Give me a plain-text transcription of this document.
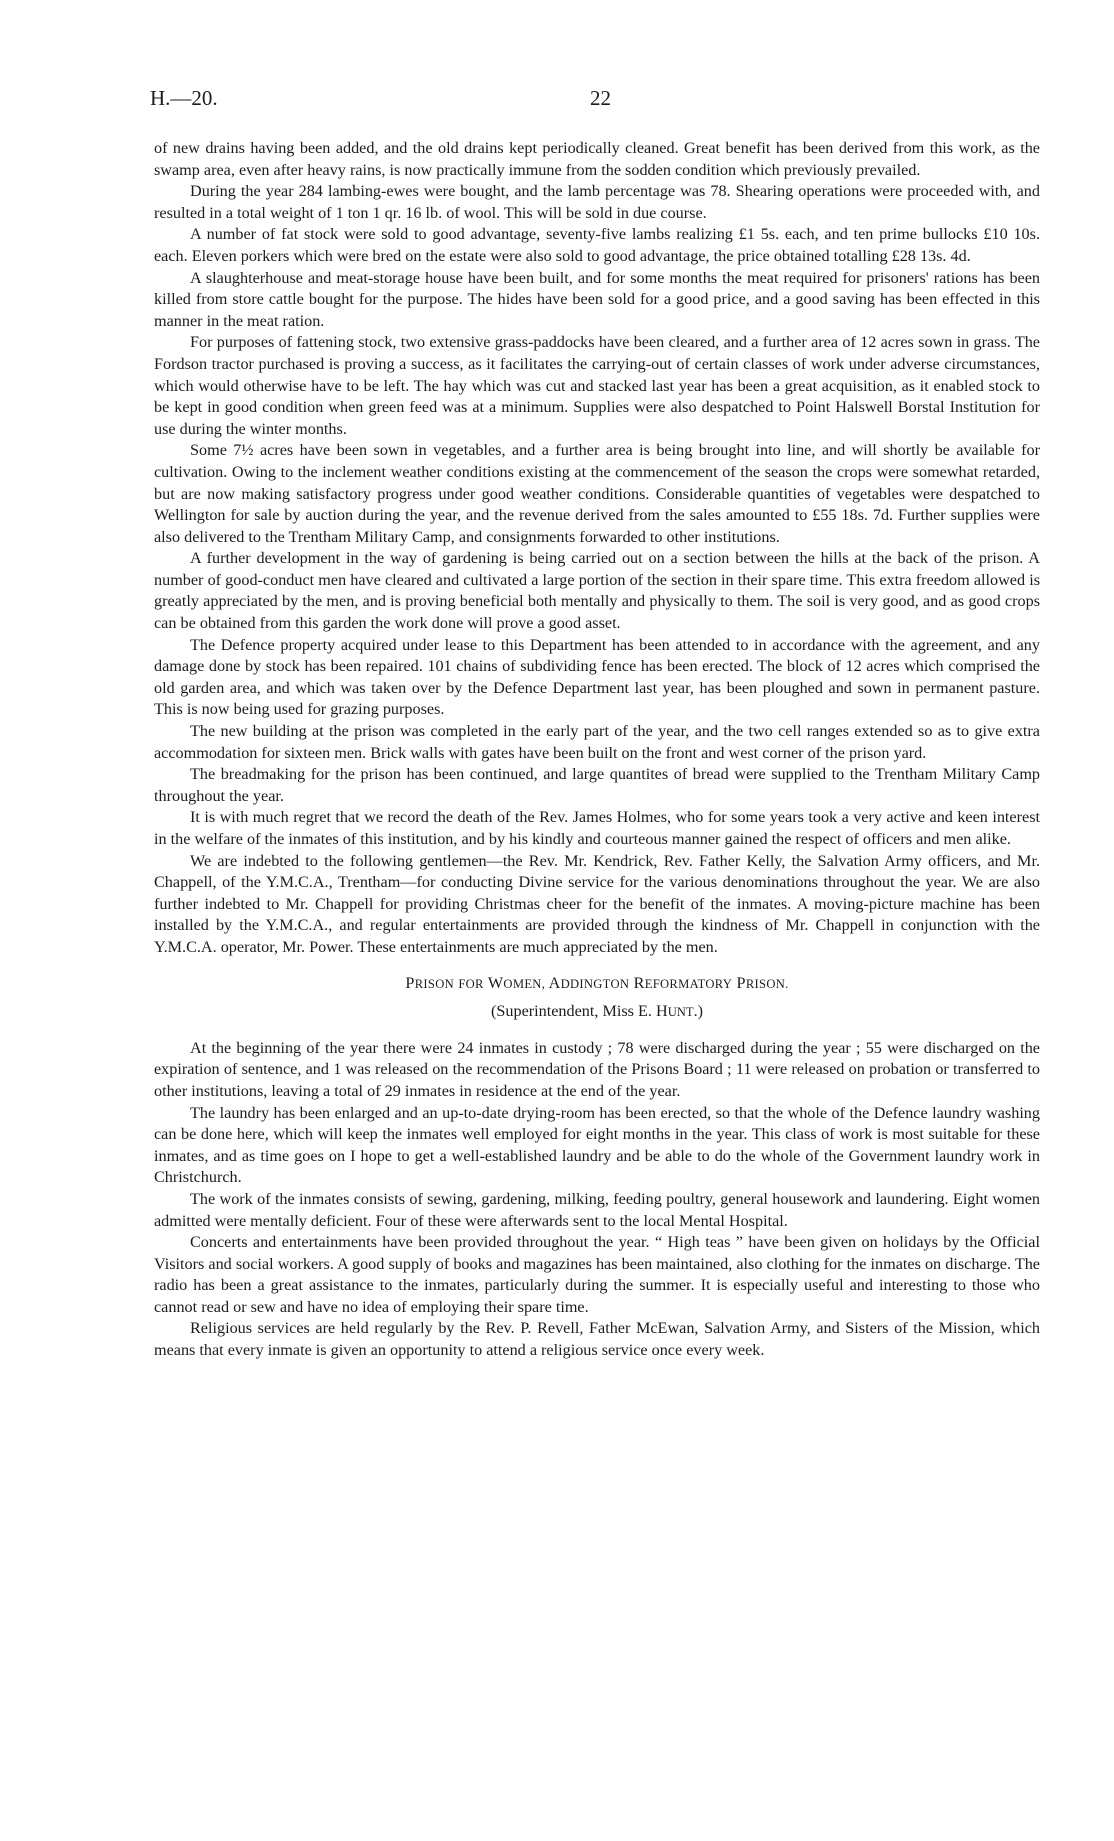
H.—20.	22

of new drains having been added, and the old drains kept periodically cleaned. Great benefit has been derived from this work, as the swamp area, even after heavy rains, is now practically immune from the sodden condition which previously prevailed.

During the year 284 lambing-ewes were bought, and the lamb percentage was 78. Shearing operations were proceeded with, and resulted in a total weight of 1 ton 1 qr. 16 lb. of wool. This will be sold in due course.

A number of fat stock were sold to good advantage, seventy-five lambs realizing £1 5s. each, and ten prime bullocks £10 10s. each. Eleven porkers which were bred on the estate were also sold to good advantage, the price obtained totalling £28 13s. 4d.

A slaughterhouse and meat-storage house have been built, and for some months the meat required for prisoners' rations has been killed from store cattle bought for the purpose. The hides have been sold for a good price, and a good saving has been effected in this manner in the meat ration.

For purposes of fattening stock, two extensive grass-paddocks have been cleared, and a further area of 12 acres sown in grass. The Fordson tractor purchased is proving a success, as it facilitates the carrying-out of certain classes of work under adverse circumstances, which would otherwise have to be left. The hay which was cut and stacked last year has been a great acquisition, as it enabled stock to be kept in good condition when green feed was at a minimum. Supplies were also despatched to Point Halswell Borstal Institution for use during the winter months.

Some 7½ acres have been sown in vegetables, and a further area is being brought into line, and will shortly be available for cultivation. Owing to the inclement weather conditions existing at the commencement of the season the crops were somewhat retarded, but are now making satisfactory progress under good weather conditions. Considerable quantities of vegetables were despatched to Wellington for sale by auction during the year, and the revenue derived from the sales amounted to £55 18s. 7d. Further supplies were also delivered to the Trentham Military Camp, and consignments forwarded to other institutions.

A further development in the way of gardening is being carried out on a section between the hills at the back of the prison. A number of good-conduct men have cleared and cultivated a large portion of the section in their spare time. This extra freedom allowed is greatly appreciated by the men, and is proving beneficial both mentally and physically to them. The soil is very good, and as good crops can be obtained from this garden the work done will prove a good asset.

The Defence property acquired under lease to this Department has been attended to in accordance with the agreement, and any damage done by stock has been repaired. 101 chains of subdividing fence has been erected. The block of 12 acres which comprised the old garden area, and which was taken over by the Defence Department last year, has been ploughed and sown in permanent pasture. This is now being used for grazing purposes.

The new building at the prison was completed in the early part of the year, and the two cell ranges extended so as to give extra accommodation for sixteen men. Brick walls with gates have been built on the front and west corner of the prison yard.

The breadmaking for the prison has been continued, and large quantites of bread were supplied to the Trentham Military Camp throughout the year.

It is with much regret that we record the death of the Rev. James Holmes, who for some years took a very active and keen interest in the welfare of the inmates of this institution, and by his kindly and courteous manner gained the respect of officers and men alike.

We are indebted to the following gentlemen—the Rev. Mr. Kendrick, Rev. Father Kelly, the Salvation Army officers, and Mr. Chappell, of the Y.M.C.A., Trentham—for conducting Divine service for the various denominations throughout the year. We are also further indebted to Mr. Chappell for providing Christmas cheer for the benefit of the inmates. A moving-picture machine has been installed by the Y.M.C.A., and regular entertainments are provided through the kindness of Mr. Chappell in conjunction with the Y.M.C.A. operator, Mr. Power. These entertainments are much appreciated by the men.

PRISON FOR WOMEN, ADDINGTON REFORMATORY PRISON.
(Superintendent, Miss E. HUNT.)

At the beginning of the year there were 24 inmates in custody ; 78 were discharged during the year ; 55 were discharged on the expiration of sentence, and 1 was released on the recommendation of the Prisons Board ; 11 were released on probation or transferred to other institutions, leaving a total of 29 inmates in residence at the end of the year.

The laundry has been enlarged and an up-to-date drying-room has been erected, so that the whole of the Defence laundry washing can be done here, which will keep the inmates well employed for eight months in the year. This class of work is most suitable for these inmates, and as time goes on I hope to get a well-established laundry and be able to do the whole of the Government laundry work in Christchurch.

The work of the inmates consists of sewing, gardening, milking, feeding poultry, general housework and laundering. Eight women admitted were mentally deficient. Four of these were afterwards sent to the local Mental Hospital.

Concerts and entertainments have been provided throughout the year. “ High teas ” have been given on holidays by the Official Visitors and social workers. A good supply of books and magazines has been maintained, also clothing for the inmates on discharge. The radio has been a great assistance to the inmates, particularly during the summer. It is especially useful and interesting to those who cannot read or sew and have no idea of employing their spare time.

Religious services are held regularly by the Rev. P. Revell, Father McEwan, Salvation Army, and Sisters of the Mission, which means that every inmate is given an opportunity to attend a religious service once every week.
